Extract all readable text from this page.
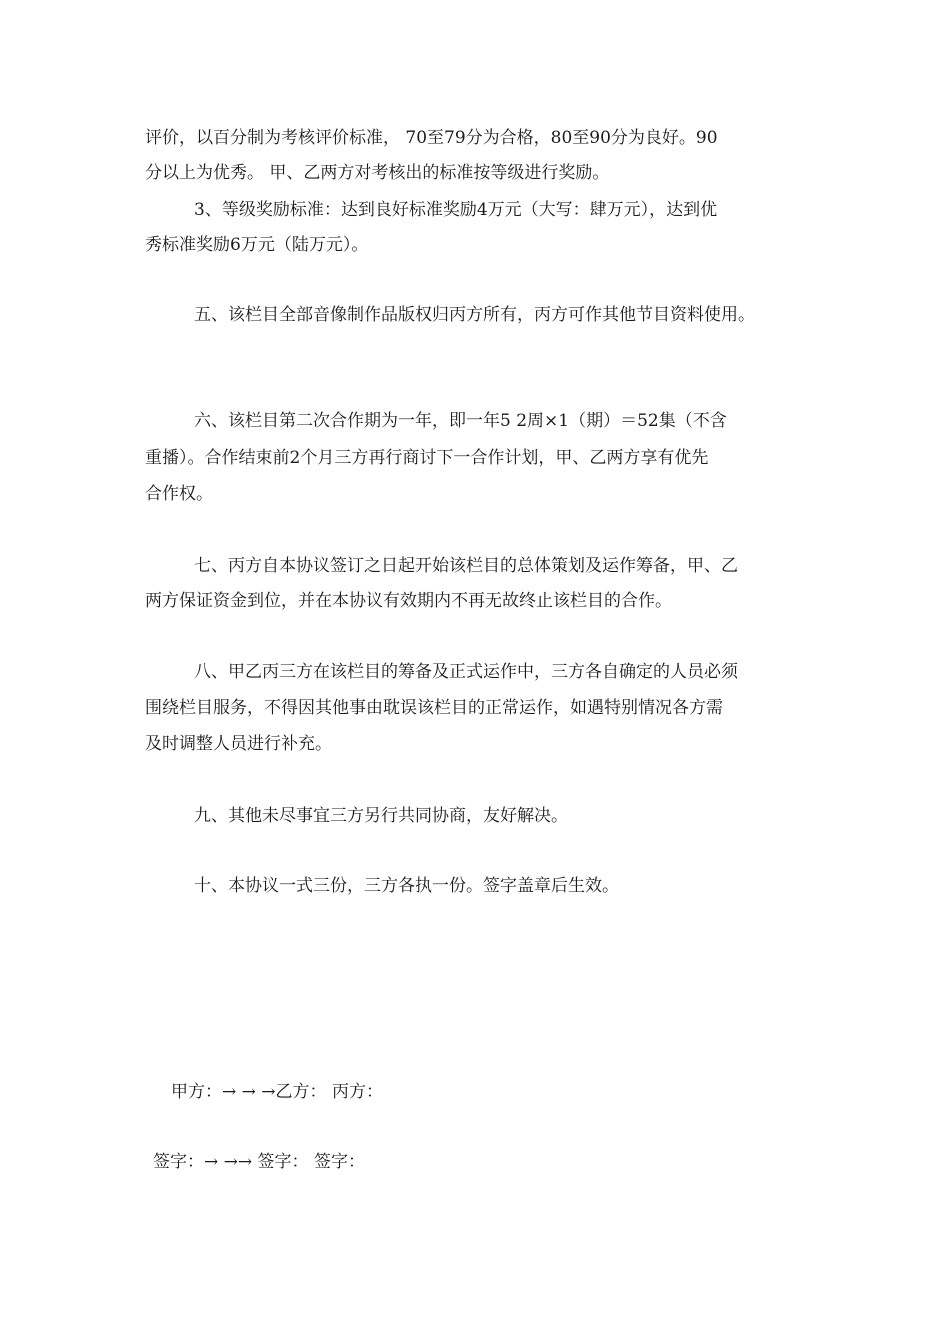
评价，以百分制为考核评价标准， 70至79分为合格，80至90分为良好。90

分以上为优秀。 甲、乙两方对考核出的标准按等级进行奖励。

3、等级奖励标准：达到良好标准奖励4万元（大写：肆万元），达到优

秀标准奖励6万元（陆万元）。

五、该栏目全部音像制作品版权归丙方所有，丙方可作其他节目资料使用。

六、该栏目第二次合作期为一年，即一年5 2周×1（期）＝52集（不含

重播）。合作结束前2个月三方再行商讨下一合作计划，甲、乙两方享有优先

合作权。

七、丙方自本协议签订之日起开始该栏目的总体策划及运作筹备，甲、乙

两方保证资金到位，并在本协议有效期内不再无故终止该栏目的合作。

八、甲乙丙三方在该栏目的筹备及正式运作中，三方各自确定的人员必须

围绕栏目服务，不得因其他事由耽误该栏目的正常运作，如遇特别情况各方需

及时调整人员进行补充。

九、其他未尽事宜三方另行共同协商，友好解决。

十、本协议一式三份，三方各执一份。签字盖章后生效。

甲方：→ → →乙方： 丙方：

签字：→ →→ 签字： 签字：
